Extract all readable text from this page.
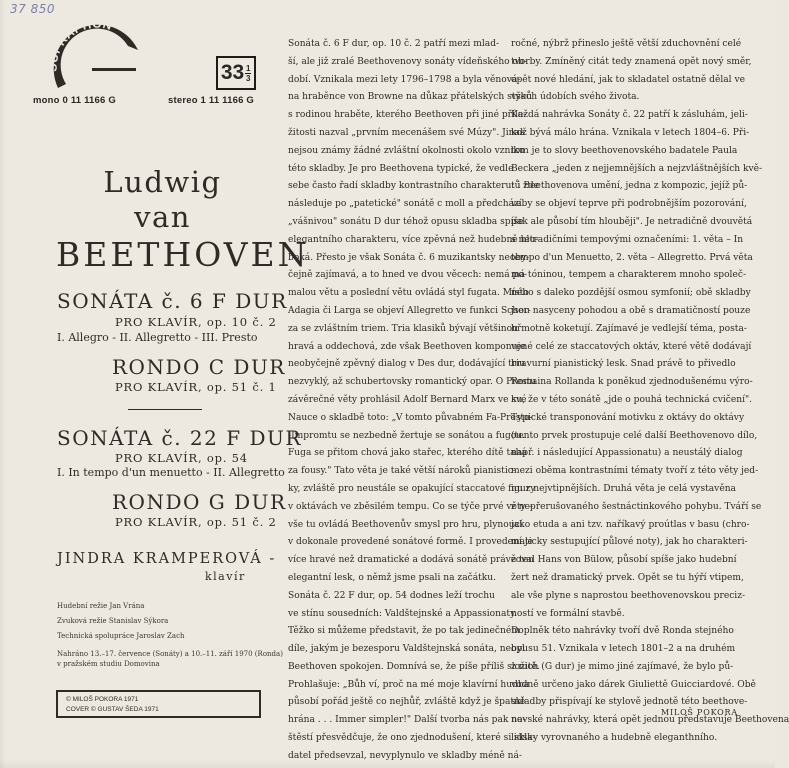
37 850
RAPHON
$33 \frac{1}{3}$
mono 0 11 1166 G	stereo 1 11 1166 G
Ludwig
van
BEETHOVEN
SONÁTA č. 6 F DUR
PRO KLAVÍR, op. 10 č. 2
I. Allegro - II. Allegretto - III. Presto
RONDO C DUR
PRO KLAVÍR, op. 51 č. 1
SONÁTA č. 22 F DUR
PRO KLAVÍR, op. 54
I. In tempo d'un menuetto - II. Allegretto
RONDO G DUR
PRO KLAVÍR, op. 51 č. 2
JINDRA KRAMPEROVÁ -
klavír
Hudební režie Jan Vrána
Zvuková režie Stanislav Sýkora
Technická spolupráce Jaroslav Zach
Nahráno 13.–17. července (Sonáty) a 10.–11. září 1970 (Ronda)
v pražském studiu Domovina
© MILOŠ POKORA 1971
COVER © GUSTAV ŠEDA 1971

Sonáta č. 6 F dur, op. 10 č. 2 patří mezi mlad-

ší, ale již zralé Beethovenovy sonáty vídeňského ob-

dobí. Vznikala mezi lety 1796–1798 a byla věnová-

na hraběnce von Browne na důkaz přátelských styků

s rodinou hraběte, kterého Beethoven při jiné příle-

žitosti nazval „prvním mecenášem své Múzy". Jinak

nejsou známy žádné zvláštní okolnosti okolo vzniku

této skladby. Je pro Beethovena typické, že vedle

sebe často řadí skladby kontrastního charakteru: i zde

následuje po „patetické" sonátě c moll a předchází

„vášnivou" sonátu D dur téhož opusu skladba spíše

elegantního charakteru, více zpěvná než hudebně hlu-

boká. Přesto je však Sonáta č. 6 muzikantsky neoby-

čejně zajímavá, a to hned ve dvou věcech: nemá po-

malou větu a poslední větu ovládá styl fugata. Místo

Adagia či Larga se objeví Allegretto ve funkci Scher-

za se zvláštním triem. Tria klasiků bývají většinou

hravá a oddechová, zde však Beethoven komponuje

neobyčejně zpěvný dialog v Des dur, dodávající triu

nezvyklý, až schubertovsky romantický opar. O Prestu

závěrečné věty prohlásil Adolf Bernard Marx ve své

Nauce o skladbě toto: „V tomto půvabném Fa-Presto-

-Impromtu se nezbedně žertuje se sonátou a fugou.

Fuga se přitom chová jako stařec, kterého dítě tahá

za fousy." Tato věta je také větší nároků pianistic-

ky, zvláště pro neustále se opakující staccatové figury

v oktávách ve zběsilém tempu. Co se týče prvé věty –

vše tu ovládá Beethovenův smysl pro hru, plynoucí

v dokonale provedené sonátové formě. I provedení je

více hravé než dramatické a dodává sonátě právě ten

elegantní lesk, o němž jsme psali na začátku.

Sonáta č. 22 F dur, op. 54 dodnes leží trochu

ve stínu sousedních: Valdštejnské a Appassionaty.

Těžko si můžeme představit, že po tak jedinečném

díle, jakým je bezesporu Valdštejnská sonáta, nebyl

Beethoven spokojen. Domnívá se, že píše příliš složitě.

Prohlašuje: „Bůh ví, proč na mé moje klavírní hudba

působí pořád ještě co nejhůř, zvláště když je špatně

hrána . . . Immer simpler!" Další tvorba nás pak na-

štěstí přesvědčuje, že ono zjednodušení, které si skla-

datel předsevzal, nevyplynulo ve skladby méně ná-

ročné, nýbrž přineslo ještě větší zduchovnění celé

tvorby. Zmíněný citát tedy znamená opět nový směr,

opět nové hledání, jak to skladatel ostatně dělal ve

všech údobích svého života.

Každá nahrávka Sonáty č. 22 patří k zásluhám, jeli-

kož bývá málo hrána. Vznikala v letech 1804–6. Při-

tom je to slovy beethovenovského badatele Paula

Beckera „jeden z nejjemnějších a nejzvláštnějších kvě-

tů Beethovenova umění, jedna z kompozic, jejíž pů-

vaby se objeví teprve při podrobnějším pozorování,

pak ale působí tím hlouběji". Je netradičně dvouvětá

s netradičními tempovými označeními: 1. věta – In

tempo d'un Menuetto, 2. věta – Allegretto. Prvá věta

má tóninou, tempem a charakterem mnoho společ-

ného s daleko pozdější osmou symfonií; obě skladby

jsou nasyceny pohodou a obě s dramatičností pouze

hřmotně koketují. Zajímavé je vedlejší téma, posta-

vené celé ze staccatových oktáv, které větě dodávají

bravurní pianistický lesk. Snad právě to přivedlo

Romaina Rollanda k poněkud zjednodušenému výro-

ku, že v této sonátě „jde o pouhá technická cvičení".

Typické transponování motivku z oktávy do oktávy

(tento prvek prostupuje celé další Beethovenovo dílo,

např. i následující Appassionatu) a neustálý dialog

mezi oběma kontrastními tématy tvoří z této věty jed-

nu z nejvtipnějších. Druhá věta je celá vystavěna

z nepřerušovaného šestnáctinkového pohybu. Tváří se

jako etuda a ani tzv. naříkavý proútlas v basu (chro-

maticky sestupující půlové noty), jak ho charakteri-

zoval Hans von Bülow, působí spíše jako hudební

žert než dramatický prvek. Opět se tu hýří vtipem,

ale vše plyne s naprostou beethovenovskou preciz-

ností ve formální stavbě.

Doplněk této nahrávky tvoří dvě Ronda stejného

opusu 51. Vznikala v letech 1801–2 a na druhém

z nich (G dur) je mimo jiné zajímavé, že bylo pů-

vodně určeno jako dárek Giuliettě Guicciardové. Obě

skladby přispívají ke stylově jednotě této beethove-

novské nahrávky, která opět jednou představuje Beethovena

lidsky vyrovnaného a hudebně eleganthního.

MILOŠ POKORA
